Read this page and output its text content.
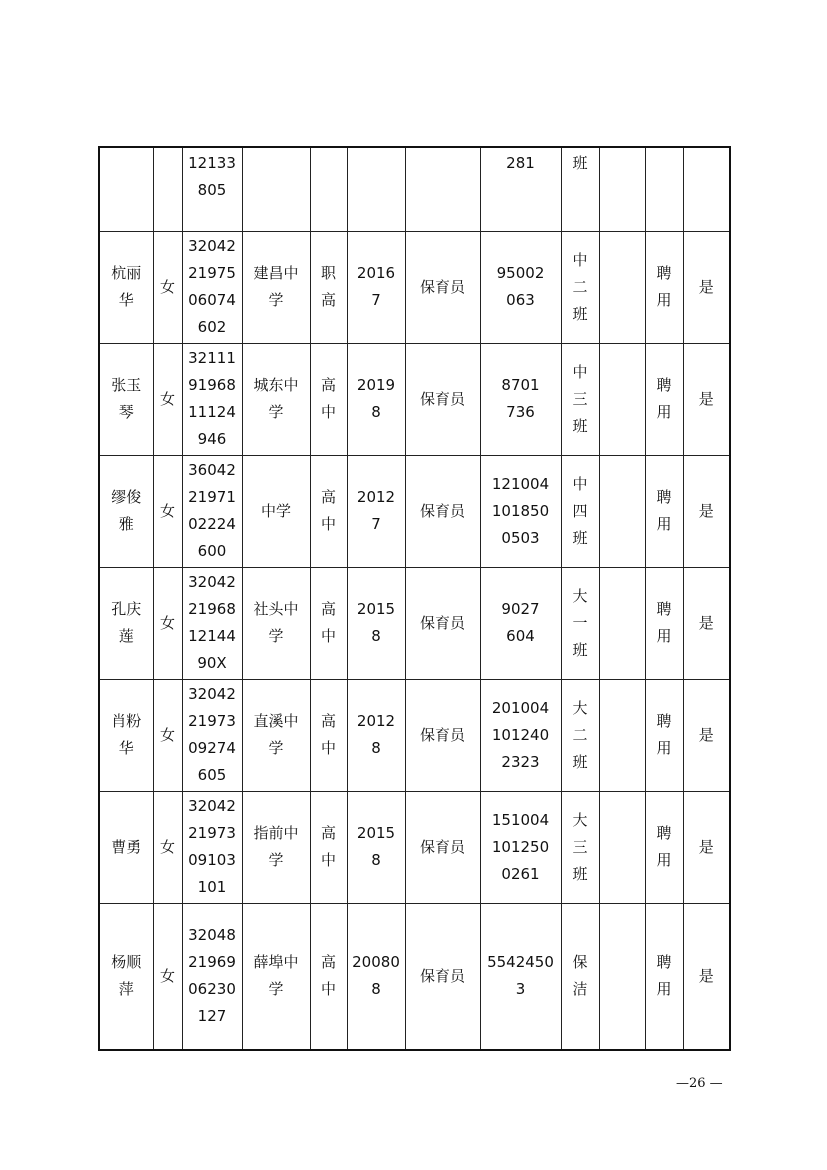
		12133
805					281	班			

杭丽
华	女	32042
21975
06074
602	建昌中
学	职
高	2016
7	保育员	95002
063	中
二
班		聘
用	是

张玉
琴	女	32111
91968
11124
946	城东中
学	高
中	2019
8	保育员	8701
736	中
三
班		聘
用	是

缪俊
雅	女	36042
21971
02224
600	中学	高
中	2012
7	保育员	121004
101850
0503	中
四
班		聘
用	是

孔庆
莲	女	32042
21968
12144
90X	社头中
学	高
中	2015
8	保育员	9027
604	大
一
班		聘
用	是

肖粉
华	女	32042
21973
09274
605	直溪中
学	高
中	2012
8	保育员	201004
101240
2323	大
二
班		聘
用	是

曹勇	女	32042
21973
09103
101	指前中
学	高
中	2015
8	保育员	151004
101250
0261	大
三
班		聘
用	是

杨顺
萍	女	32048
21969
06230
127	薛埠中
学	高
中	20080
8	保育员	5542450
3	保
洁		聘
用	是
—26 —
